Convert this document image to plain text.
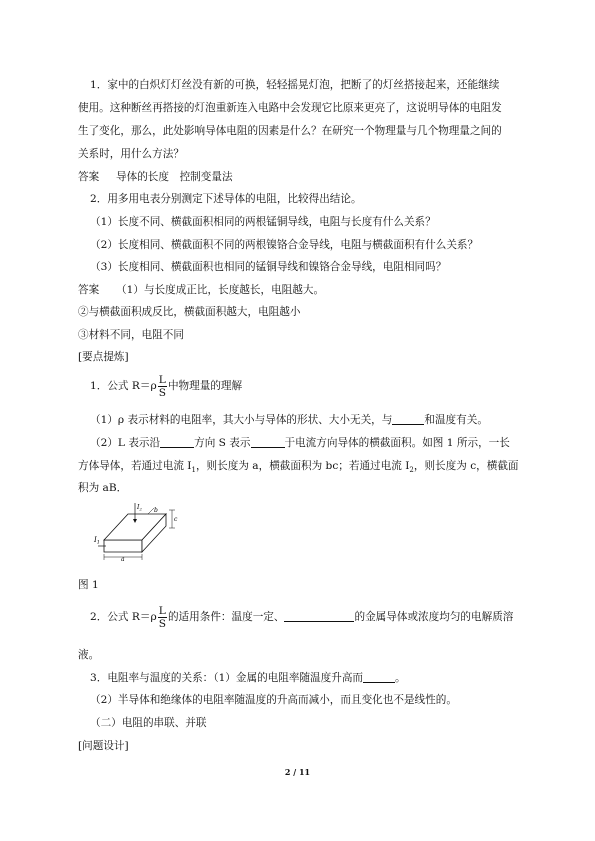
1．家中的白炽灯灯丝没有新的可换，轻轻摇晃灯泡，把断了的灯丝搭接起来，还能继续
使用。这种断丝再搭接的灯泡重新连入电路中会发现它比原来更亮了，这说明导体的电阻发
生了变化，那么，此处影响导体电阻的因素是什么？在研究一个物理量与几个物理量之间的
关系时，用什么方法？
答案 导体的长度　控制变量法
2．用多用电表分别测定下述导体的电阻，比较得出结论。
（1）长度不同、横截面积相同的两根锰铜导线，电阻与长度有什么关系？
（2）长度相同、横截面积不同的两根镍铬合金导线，电阻与横截面积有什么关系？
（3）长度相同、横截面积也相同的锰铜导线和镍铬合金导线，电阻相同吗？
答案 （1）与长度成正比，长度越长，电阻越大。
②与横截面积成反比，横截面积越大，电阻越小
③材料不同，电阻不同
[要点提炼]
1．公式 $R=\rho \frac{L}{S}$ 中物理量的理解
（1）ρ 表示材料的电阻率，其大小与导体的形状、大小无关，与	和温度有关。
（2）L 表示沿	方向 S 表示	于电流方向导体的横截面积。如图 1 所示，一长
方体导体，若通过电流 $I_1$，则长度为 a，横截面积为 bc；若通过电流 $I_2$，则长度为 c，横截面
积为 aB．
$I_1$
$I_2$ b
c
a
图 1
2．公式 $R=\rho \frac{L}{S}$ 的适用条件：温度一定、	的金属导体或浓度均匀的电解质溶
液。
3．电阻率与温度的关系：（1）金属的电阻率随温度升高而	。
（2）半导体和绝缘体的电阻率随温度的升高而减小，而且变化也不是线性的。
（二）电阻的串联、并联
[问题设计]
2 / 11
